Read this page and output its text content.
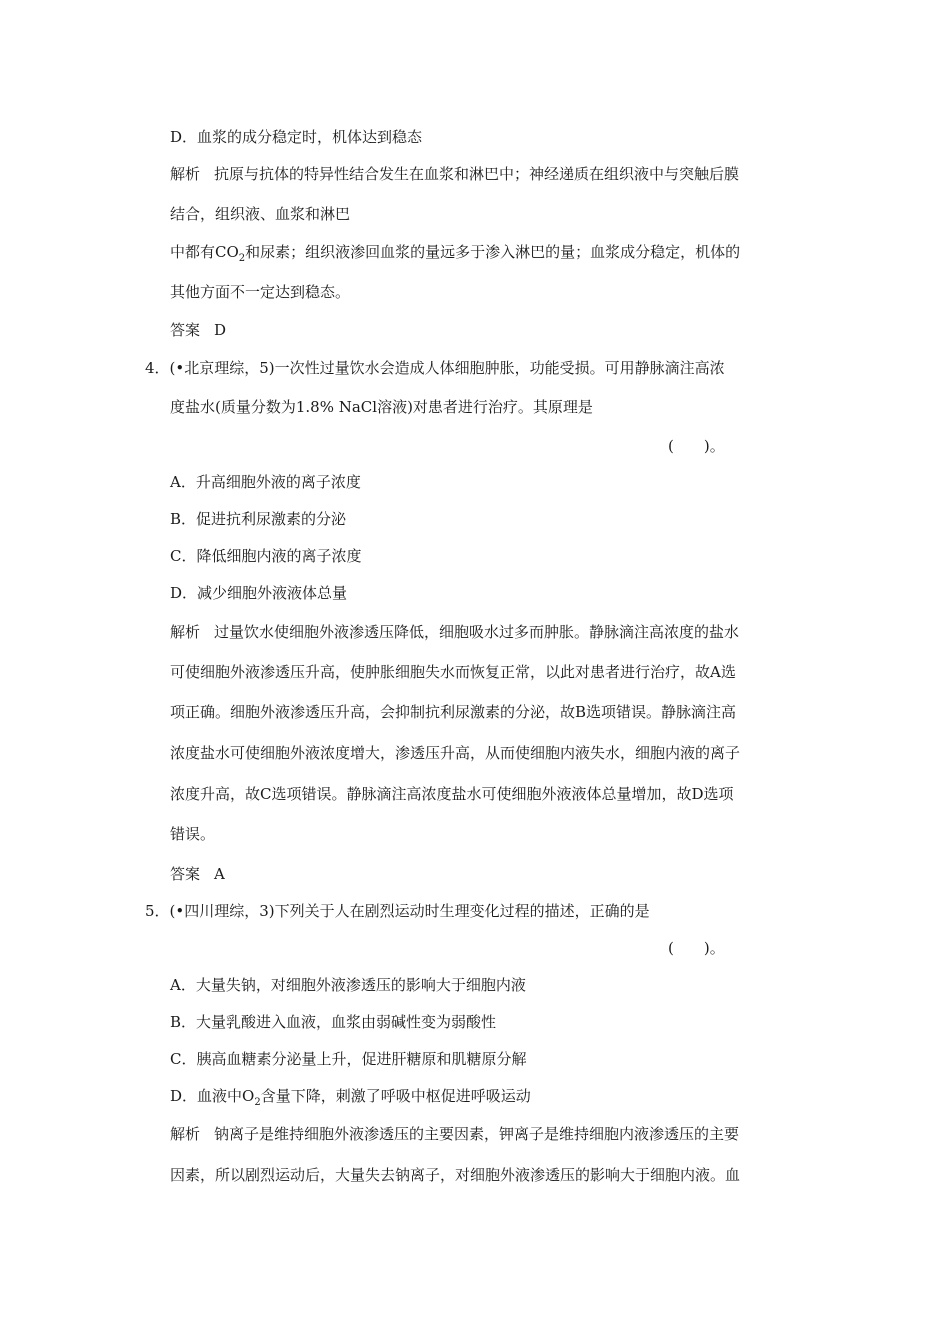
D．血浆的成分稳定时，机体达到稳态
解析 抗原与抗体的特异性结合发生在血浆和淋巴中；神经递质在组织液中与突触后膜
结合，组织液、血浆和淋巴
中都有$CO_2$和尿素；组织液渗回血浆的量远多于渗入淋巴的量；血浆成分稳定，机体的
其他方面不一定达到稳态。
答案 D
4．(•北京理综，5)一次性过量饮水会造成人体细胞肿胀，功能受损。可用静脉滴注高浓
度盐水(质量分数为1.8% NaCl溶液)对患者进行治疗。其原理是
(　　)。
A．升高细胞外液的离子浓度
B．促进抗利尿激素的分泌
C．降低细胞内液的离子浓度
D．减少细胞外液液体总量
解析 过量饮水使细胞外液渗透压降低，细胞吸水过多而肿胀。静脉滴注高浓度的盐水
可使细胞外液渗透压升高，使肿胀细胞失水而恢复正常，以此对患者进行治疗，故A选
项正确。细胞外液渗透压升高，会抑制抗利尿激素的分泌，故B选项错误。静脉滴注高
浓度盐水可使细胞外液浓度增大，渗透压升高，从而使细胞内液失水，细胞内液的离子
浓度升高，故C选项错误。静脉滴注高浓度盐水可使细胞外液液体总量增加，故D选项
错误。
答案 A
5．(•四川理综，3)下列关于人在剧烈运动时生理变化过程的描述，正确的是
(　　)。
A．大量失钠，对细胞外液渗透压的影响大于细胞内液
B．大量乳酸进入血液，血浆由弱碱性变为弱酸性
C．胰高血糖素分泌量上升，促进肝糖原和肌糖原分解
D．血液中$O_2$含量下降，刺激了呼吸中枢促进呼吸运动
解析 钠离子是维持细胞外液渗透压的主要因素，钾离子是维持细胞内液渗透压的主要
因素，所以剧烈运动后，大量失去钠离子，对细胞外液渗透压的影响大于细胞内液。血
